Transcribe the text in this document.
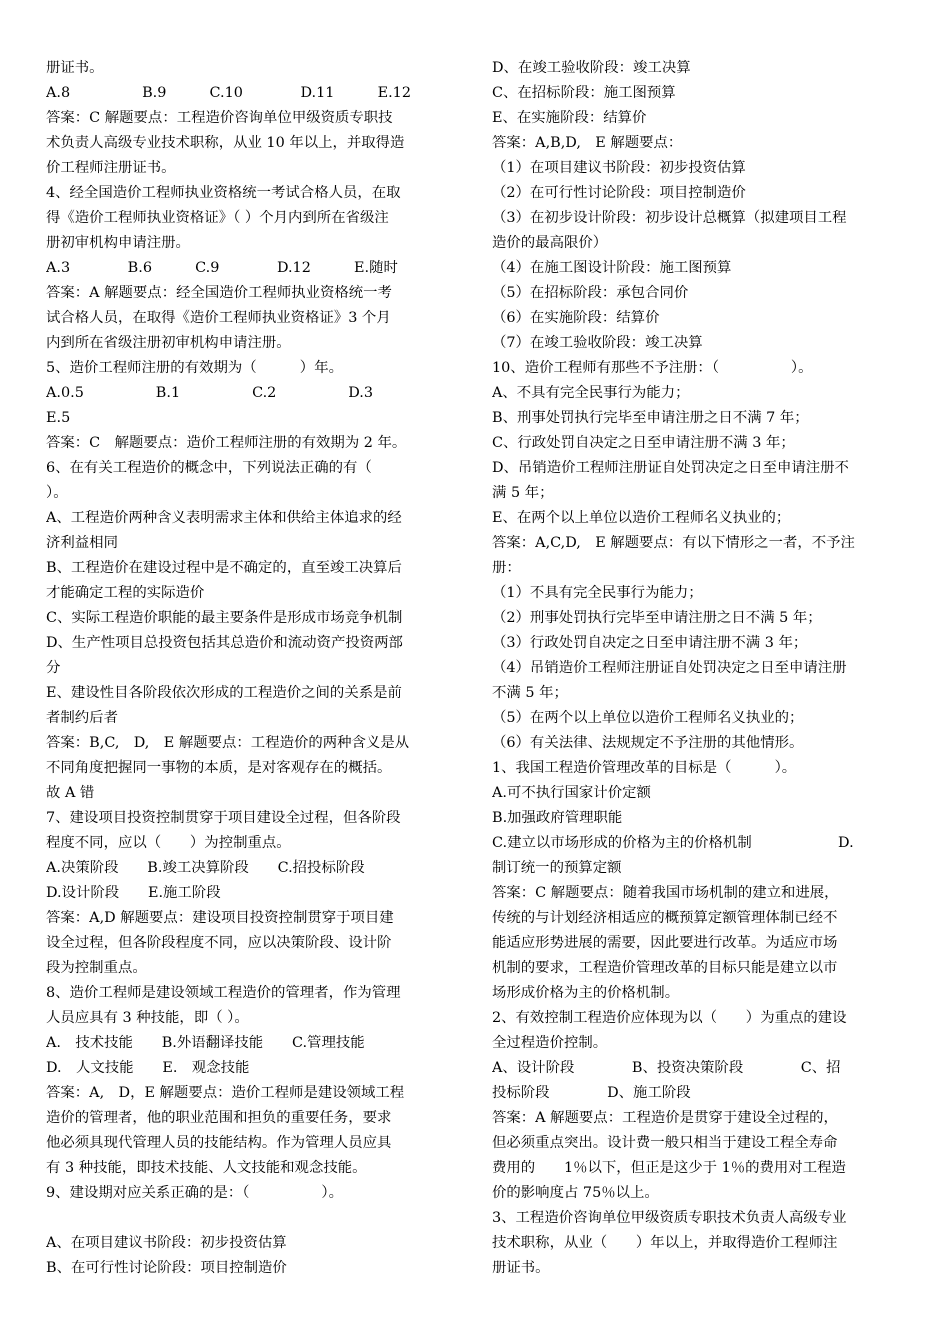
册证书。
A.8　　　　　B.9　　　C.10　　　　D.11　　　E.12
答案：C 解题要点：工程造价咨询单位甲级资质专职技
术负责人高级专业技术职称，从业 10 年以上，并取得造
价工程师注册证书。
4、经全国造价工程师执业资格统一考试合格人员，在取
得《造价工程师执业资格证》（ ）个月内到所在省级注
册初审机构申请注册。
A.3　　　　B.6　　　C.9　　　　D.12　　　E.随时
答案：A 解题要点：经全国造价工程师执业资格统一考
试合格人员，在取得《造价工程师执业资格证》3 个月
内到所在省级注册初审机构申请注册。
5、造价工程师注册的有效期为（　　　）年。
A.0.5　　　　　B.1　　　　　C.2　　　　　D.3
E.5
答案：C　解题要点：造价工程师注册的有效期为 2 年。
6、在有关工程造价的概念中，下列说法正确的有（
）。
A、工程造价两种含义表明需求主体和供给主体追求的经
济利益相同
B、工程造价在建设过程中是不确定的，直至竣工决算后
才能确定工程的实际造价
C、实际工程造价职能的最主要条件是形成市场竞争机制
D、生产性项目总投资包括其总造价和流动资产投资两部
分
E、建设性目各阶段依次形成的工程造价之间的关系是前
者制约后者
答案：B,C,　D,　E 解题要点：工程造价的两种含义是从
不同角度把握同一事物的本质，是对客观存在的概括。
故 A 错
7、建设项目投资控制贯穿于项目建设全过程，但各阶段
程度不同，应以（　　）为控制重点。
A.决策阶段　　B.竣工决算阶段　　C.招投标阶段
D.设计阶段　　E.施工阶段
答案：A,D 解题要点：建设项目投资控制贯穿于项目建
设全过程，但各阶段程度不同，应以决策阶段、设计阶
段为控制重点。
8、造价工程师是建设领域工程造价的管理者，作为管理
人员应具有 3 种技能，即（ ）。
A.　技术技能　　B.外语翻译技能　　C.管理技能
D.　人文技能　　E.　观念技能
答案：A,　D，E 解题要点：造价工程师是建设领域工程
造价的管理者，他的职业范围和担负的重要任务，要求
他必须具现代管理人员的技能结构。作为管理人员应具
有 3 种技能，即技术技能、人文技能和观念技能。
9、建设期对应关系正确的是：（　　　　　）。
A、在项目建议书阶段：初步投资估算
B、在可行性讨论阶段：项目控制造价
D、在竣工验收阶段：竣工决算
C、在招标阶段：施工图预算
E、在实施阶段：结算价
答案：A,B,D,　E 解题要点：
（1）在项目建议书阶段：初步投资估算
（2）在可行性讨论阶段：项目控制造价
（3）在初步设计阶段：初步设计总概算（拟建项目工程
造价的最高限价）
（4）在施工图设计阶段：施工图预算
（5）在招标阶段：承包合同价
（6）在实施阶段：结算价
（7）在竣工验收阶段：竣工决算
10、造价工程师有那些不予注册：（　　　　　）。
A、不具有完全民事行为能力；
B、刑事处罚执行完毕至申请注册之日不满 7 年；
C、行政处罚自决定之日至申请注册不满 3 年；
D、吊销造价工程师注册证自处罚决定之日至申请注册不
满 5 年；
E、在两个以上单位以造价工程师名义执业的；
答案：A,C,D,　E 解题要点：有以下情形之一者，不予注
册：
（1）不具有完全民事行为能力；
（2）刑事处罚执行完毕至申请注册之日不满 5 年；
（3）行政处罚自决定之日至申请注册不满 3 年；
（4）吊销造价工程师注册证自处罚决定之日至申请注册
不满 5 年；
（5）在两个以上单位以造价工程师名义执业的；
（6）有关法律、法规规定不予注册的其他情形。
1、我国工程造价管理改革的目标是（　　　）。
A.可不执行国家计价定额
B.加强政府管理职能
C.建立以市场形成的价格为主的价格机制　　　　　　D.
制订统一的预算定额
答案：C 解题要点：随着我国市场机制的建立和进展，
传统的与计划经济相适应的概预算定额管理体制已经不
能适应形势进展的需要，因此要进行改革。为适应市场
机制的要求，工程造价管理改革的目标只能是建立以市
场形成价格为主的价格机制。
2、有效控制工程造价应体现为以（　　）为重点的建设
全过程造价控制。
A、设计阶段　　　　B、投资决策阶段　　　　C、招
投标阶段　　　　D、施工阶段
答案：A 解题要点：工程造价是贯穿于建设全过程的，
但必须重点突出。设计费一般只相当于建设工程全寿命
费用的　　1％以下，但正是这少于 1％的费用对工程造
价的影响度占 75％以上。
3、工程造价咨询单位甲级资质专职技术负责人高级专业
技术职称，从业（　　）年以上，并取得造价工程师注
册证书。
